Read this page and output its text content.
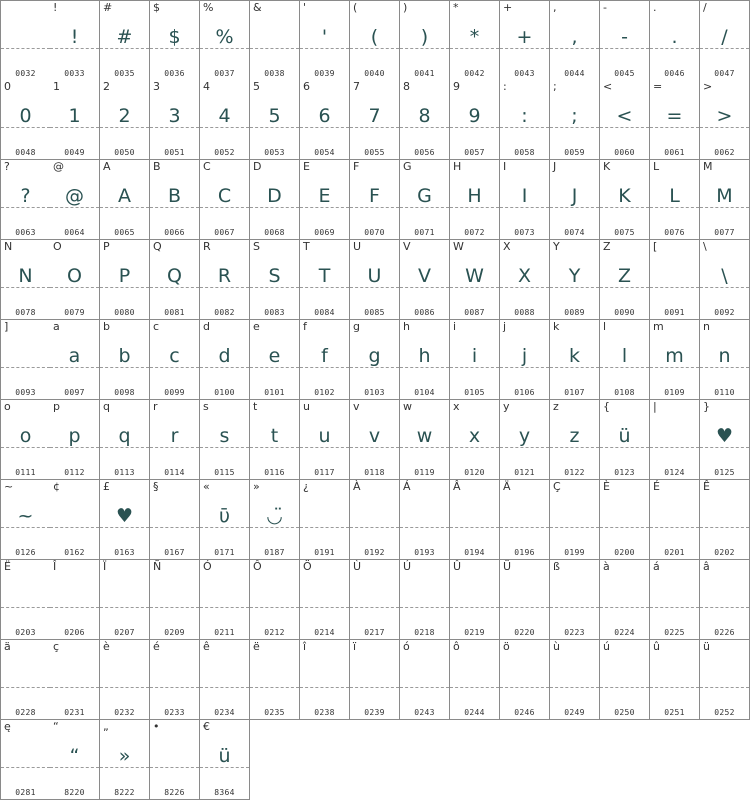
0032
!
!
0033
#
#
0035
$
$
0036
%
%
0037
&
0038
'
'
0039
(
(
0040
)
)
0041
*
*
0042
+
+
0043
,
,
0044
-
-
0045
.
.
0046
/
/
0047
0
0
0048
1
1
0049
2
2
0050
3
3
0051
4
4
0052
5
5
0053
6
6
0054
7
7
0055
8
8
0056
9
9
0057
:
:
0058
;
;
0059
<
<
0060
=
=
0061
>
>
0062
?
?
0063
@
@
0064
A
A
0065
B
B
0066
C
C
0067
D
D
0068
E
E
0069
F
F
0070
G
G
0071
H
H
0072
I
I
0073
J
J
0074
K
K
0075
L
L
0076
M
M
0077
N
N
0078
O
O
0079
P
P
0080
Q
Q
0081
R
R
0082
S
S
0083
T
T
0084
U
U
0085
V
V
0086
W
W
0087
X
X
0088
Y
Y
0089
Z
Z
0090
[
0091
\
\
0092
]
0093
a
a
0097
b
b
0098
c
c
0099
d
d
0100
e
e
0101
f
f
0102
g
g
0103
h
h
0104
i
i
0105
j
j
0106
k
k
0107
l
l
0108
m
m
0109
n
n
0110
o
o
0111
p
p
0112
q
q
0113
r
r
0114
s
s
0115
t
t
0116
u
u
0117
v
v
0118
w
w
0119
x
x
0120
y
y
0121
z
z
0122
{
ü
0123
|
0124
}
♥
0125
~
~
0126
¢
0162
£
♥
0163
§
0167
«
ῡ
0171
»
◡̈
0187
¿
0191
À
0192
Á
0193
Â
0194
Ä
0196
Ç
0199
È
0200
É
0201
Ê
0202
Ë
0203
Î
0206
Ï
0207
Ñ
0209
Ó
0211
Ô
0212
Ö
0214
Ù
0217
Ú
0218
Û
0219
Ü
0220
ß
0223
à
0224
á
0225
â
0226
ä
0228
ç
0231
è
0232
é
0233
ê
0234
ë
0235
î
0238
ï
0239
ó
0243
ô
0244
ö
0246
ù
0249
ú
0250
û
0251
ü
0252
ę
0281
“
“
8220
„
»
8222
•
8226
€
ü
8364
